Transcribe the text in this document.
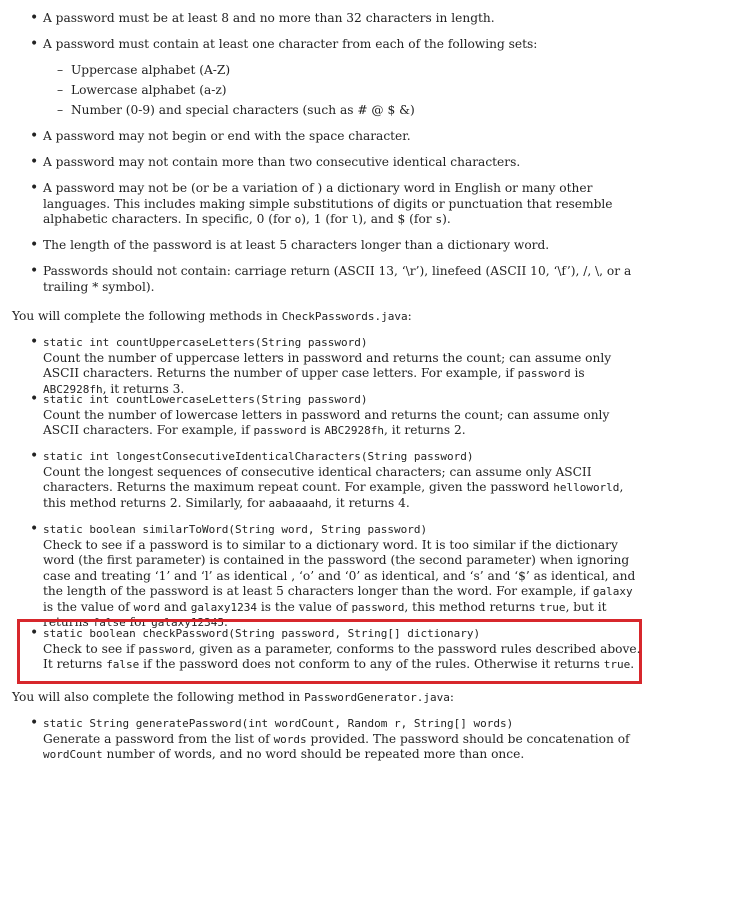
• A password must be at least 8 and no more than 32 characters in length.
• A password must contain at least one character from each of the following sets:
– Uppercase alphabet (A-Z)
– Lowercase alphabet (a-z)
– Number (0-9) and special characters (such as # @ $ &)
• A password may not begin or end with the space character.
• A password may not contain more than two consecutive identical characters.
• A password may not be (or be a variation of ) a dictionary word in English or many other languages. This includes making simple substitutions of digits or punctuation that resemble alphabetic characters. In specific, 0 (for o), 1 (for l), and $ (for s).
• The length of the password is at least 5 characters longer than a dictionary word.
• Passwords should not contain: carriage return (ASCII 13, ‘\r’), linefeed (ASCII 10, ‘\f’), /, \, or a trailing * symbol).
You will complete the following methods in CheckPasswords.java:
• static int countUppercaseLetters(String password)
Count the number of uppercase letters in password and returns the count; can assume only ASCII characters. Returns the number of upper case letters. For example, if password is ABC2928fh, it returns 3.
• static int countLowercaseLetters(String password)
Count the number of lowercase letters in password and returns the count; can assume only ASCII characters. For example, if password is ABC2928fh, it returns 2.
• static int longestConsecutiveIdenticalCharacters(String password)
Count the longest sequences of consecutive identical characters; can assume only ASCII characters. Returns the maximum repeat count. For example, given the password helloworld, this method returns 2. Similarly, for aabaaaahd, it returns 4.
• static boolean similarToWord(String word, String password)
Check to see if a password is to similar to a dictionary word. It is too similar if the dictionary word (the first parameter) is contained in the password (the second parameter) when ignoring case and treating ‘1’ and ‘l’ as identical , ‘o’ and ‘0’ as identical, and ‘s’ and ‘$’ as identical, and the length of the password is at least 5 characters longer than the word. For example, if galaxy is the value of word and galaxy1234 is the value of password, this method returns true, but it returns false for galaxy12345.
• static boolean checkPassword(String password, String[] dictionary)
Check to see if password, given as a parameter, conforms to the password rules described above. It returns false if the password does not conform to any of the rules. Otherwise it returns true.
You will also complete the following method in PasswordGenerator.java:
• static String generatePassword(int wordCount, Random r, String[] words)
Generate a password from the list of words provided. The password should be concatenation of wordCount number of words, and no word should be repeated more than once.
